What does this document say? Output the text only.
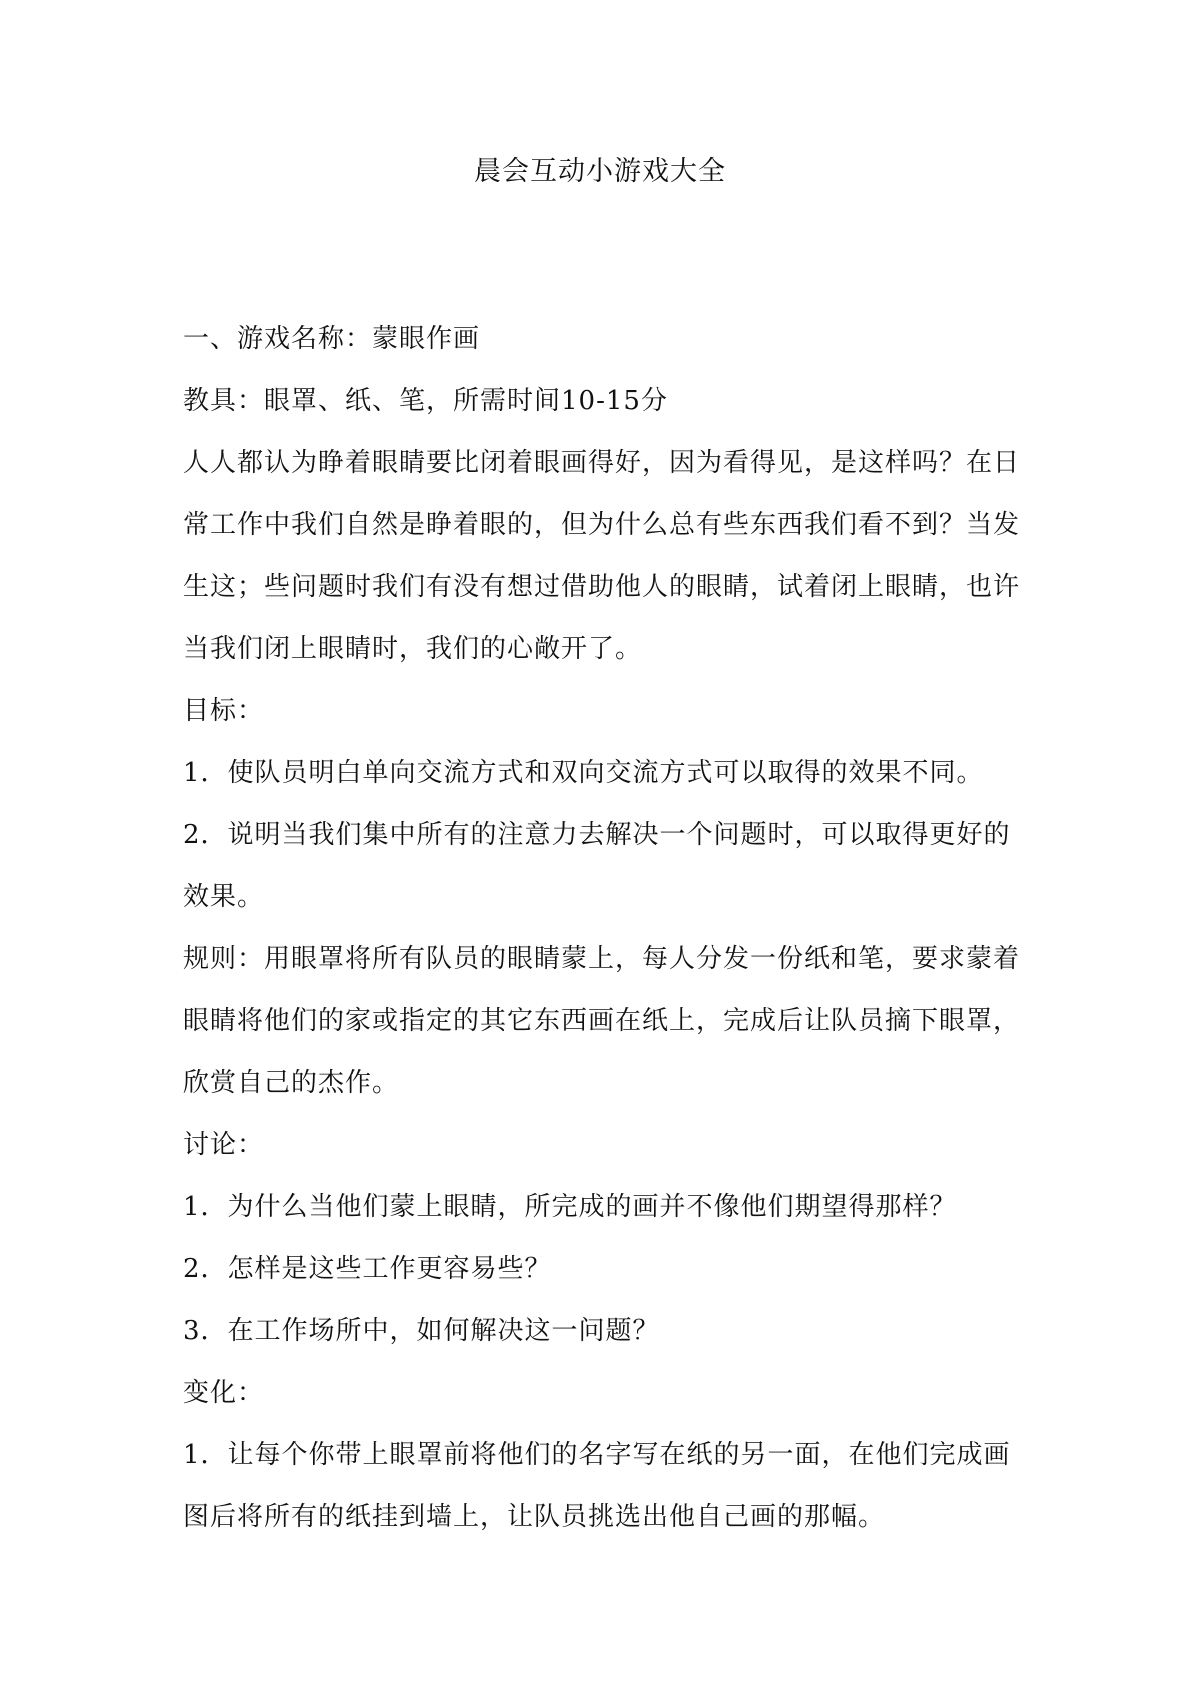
晨会互动小游戏大全

一、游戏名称：蒙眼作画

教具：眼罩、纸、笔，所需时间10-15分

人人都认为睁着眼睛要比闭着眼画得好，因为看得见，是这样吗？在日常工作中我们自然是睁着眼的，但为什么总有些东西我们看不到？当发生这；些问题时我们有没有想过借助他人的眼睛，试着闭上眼睛，也许当我们闭上眼睛时，我们的心敞开了。

目标：

1．使队员明白单向交流方式和双向交流方式可以取得的效果不同。

2．说明当我们集中所有的注意力去解决一个问题时，可以取得更好的效果。

规则：用眼罩将所有队员的眼睛蒙上，每人分发一份纸和笔，要求蒙着眼睛将他们的家或指定的其它东西画在纸上，完成后让队员摘下眼罩，欣赏自己的杰作。

讨论：

1．为什么当他们蒙上眼睛，所完成的画并不像他们期望得那样？

2．怎样是这些工作更容易些？

3．在工作场所中，如何解决这一问题？

变化：

1．让每个你带上眼罩前将他们的名字写在纸的另一面，在他们完成画图后将所有的纸挂到墙上，让队员挑选出他自己画的那幅。
